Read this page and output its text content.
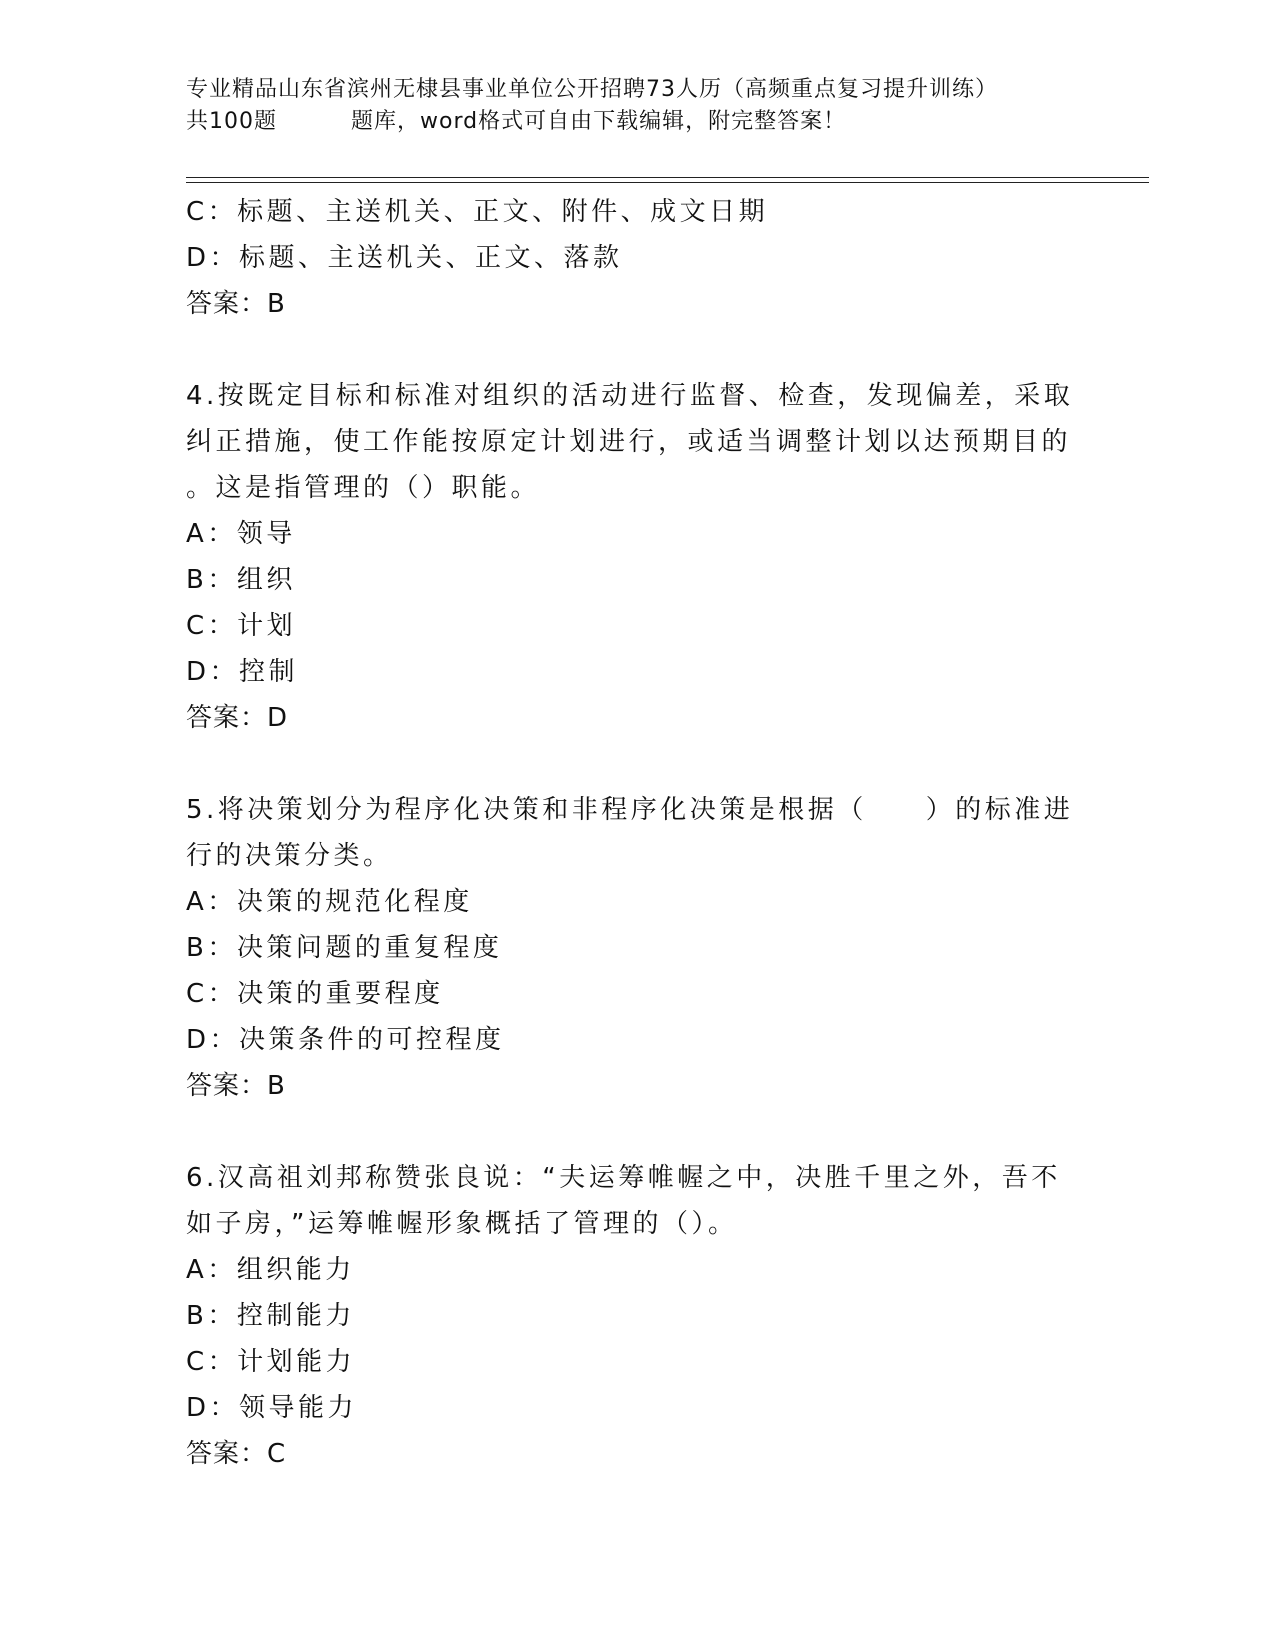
专业精品山东省滨州无棣县事业单位公开招聘73人历（高频重点复习提升训练）
共100题	题库，word格式可自由下载编辑，附完整答案！
C：标题、主送机关、正文、附件、成文日期
D：标题、主送机关、正文、落款
答案：B
4.按既定目标和标准对组织的活动进行监督、检查，发现偏差，采取
纠正措施，使工作能按原定计划进行，或适当调整计划以达预期目的
。这是指管理的（）职能。
A：领导
B：组织
C：计划
D：控制
答案：D
5.将决策划分为程序化决策和非程序化决策是根据（　　）的标准进
行的决策分类。
A：决策的规范化程度
B：决策问题的重复程度
C：决策的重要程度
D：决策条件的可控程度
答案：B
6.汉高祖刘邦称赞张良说：“夫运筹帷幄之中，决胜千里之外，吾不
如子房，”运筹帷幄形象概括了管理的（）。
A：组织能力
B：控制能力
C：计划能力
D：领导能力
答案：C
